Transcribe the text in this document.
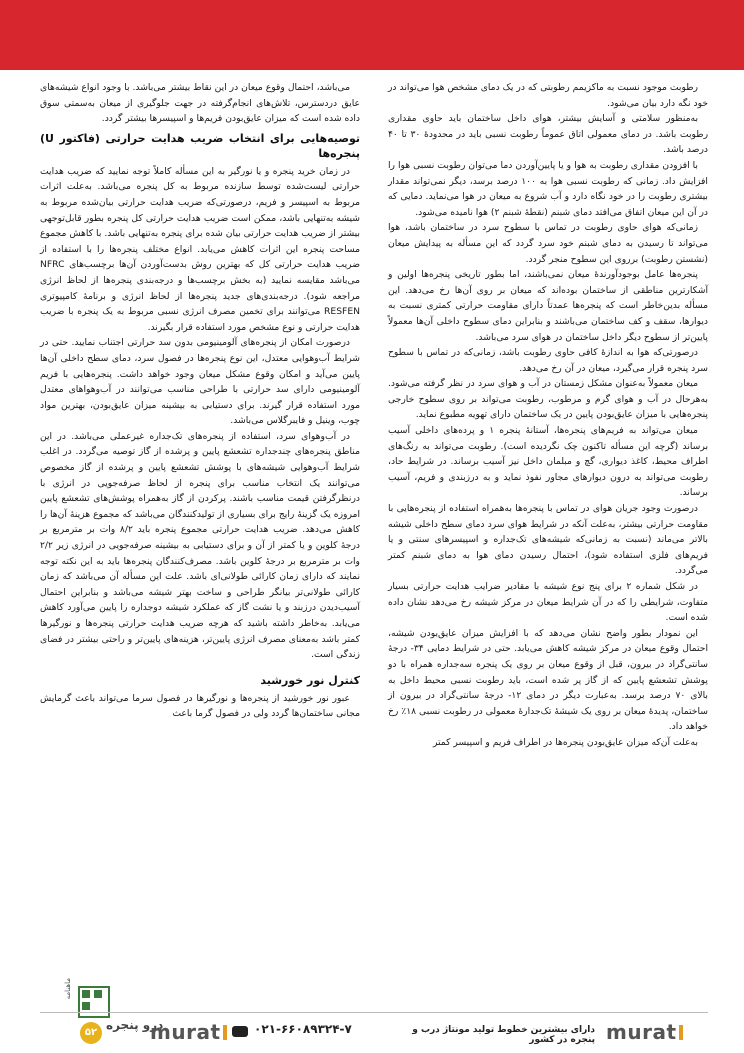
رطوبت موجود نسبت به ماکزیمم رطوبتی که در یک دمای مشخص هوا می‌تواند در خود نگه دارد بیان می‌شود.

به‌منظور سلامتی و آسایش بیشتر، هوای داخل ساختمان باید حاوی مقداری رطوبت باشد. در دمای معمولی اتاق عموماً رطوبت نسبی باید در محدودهٔ ۳۰ تا ۴۰ درصد باشد.

با افزودن مقداری رطوبت به هوا و یا پایین‌آوردن دما می‌توان رطوبت نسبی هوا را افزایش داد. زمانی که رطوبت نسبی هوا به ۱۰۰ درصد برسد، دیگر نمی‌تواند مقدار بیشتری رطوبت را در خود نگاه دارد و آب شروع به میعان در هوا می‌نماید. دمایی که در آن این میعان اتفاق می‌افتد دمای شبنم (نقطهٔ شبنم ۲) هوا نامیده می‌شود.

زمانی‌که هوای حاوی رطوبت در تماس با سطوح سرد در ساختمان باشد، هوا می‌تواند تا رسیدن به دمای شبنم خود سرد گردد که این مسأله به پیدایش میعان (نشستن رطوبت) برروی این سطوح منجر گردد.

پنجره‌ها عامل بوجودآورندهٔ میعان نمی‌باشند، اما بطور تاریخی پنجره‌ها اولین و آشکارترین مناطقی از ساختمان بوده‌اند که میعان بر روی آن‌ها رخ می‌دهد. این مسأله بدین‌خاطر است که پنجره‌ها عمدتاً دارای مقاومت حرارتی کمتری نسبت به دیوارها، سقف و کف ساختمان می‌باشند و بنابراین دمای سطوح داخلی آن‌ها معمولاً پایین‌تر از سطوح دیگر داخل ساختمان در هوای سرد می‌باشد.

درصورتی‌که هوا به اندازهٔ کافی حاوی رطوبت باشد، زمانی‌که در تماس با سطوح سرد پنجره قرار می‌گیرد، میعان در آن رخ می‌دهد.

میعان معمولاً به‌عنوان مشکل زمستان در آب و هوای سرد در نظر گرفته می‌شود. به‌هرحال در آب و هوای گرم و مرطوب، رطوبت می‌تواند بر روی سطوح خارجی پنجره‌هایی با میزان عایق‌بودن پایین در یک ساختمان دارای تهویه مطبوع نماید.

میعان می‌تواند به فریم‌های پنجره‌ها، آستانهٔ پنجره ۱ و پرده‌های داخلی آسیب برساند (گرچه این مسأله تاکنون چک نگردیده است). رطوبت می‌تواند به رنگ‌های اطراف محیط، کاغذ دیواری، گچ و مبلمان داخل نیز آسیب برساند. در شرایط حاد، رطوبت می‌تواند به درون دیوارهای مجاور نفوذ نماید و به درزبندی و فریم، آسیب برساند.

درصورت وجود جریان هوای در تماس با پنجره‌ها به‌همراه استفاده از پنجره‌هایی با مقاومت حرارتی بیشتر، به‌علت آنکه در شرایط هوای سرد دمای سطح داخلی شیشه بالاتر می‌ماند (نسبت به زمانی‌که شیشه‌های تک‌جداره و اسپیسرهای سنتی و یا فریم‌های فلزی استفاده شود)، احتمال رسیدن دمای هوا به دمای شبنم کمتر می‌گردد.

در شکل شماره ۲ برای پنج نوع شیشه با مقادیر ضرایب هدایت حرارتی بسیار متفاوت، شرایطی را که در آن شرایط میعان در مرکز شیشه رخ می‌دهد نشان داده شده است.

این نمودار بطور واضح نشان می‌دهد که با افزایش میزان عایق‌بودن شیشه، احتمال وقوع میعان در مرکز شیشه کاهش می‌یابد. حتی در شرایط دمایی ۳۴- درجهٔ سانتی‌گراد در بیرون، قبل از وقوع میعان بر روی یک پنجره سه‌جداره همراه با دو پوشش تشعشع پایین که از گاز پر شده است، باید رطوبت نسبی محیط داخل به بالای ۷۰ درصد برسد. به‌عبارت دیگر در دمای ۱۲- درجهٔ سانتی‌گراد در بیرون از ساختمان، پدیدهٔ میعان بر روی یک شیشهٔ تک‌جدارهٔ معمولی در رطوبت نسبی ۱۸٪ رخ خواهد داد.

به‌علت آن‌که میزان عایق‌بودن پنجره‌ها در اطراف فریم و اسپیسر کمتر

می‌باشد، احتمال وقوع میعان در این نقاط بیشتر می‌باشد. با وجود انواع شیشه‌های عایق دردسترس، تلاش‌های انجام‌گرفته در جهت جلوگیری از میعان به‌سمتی سوق داده شده است که میزان عایق‌بودن فریم‌ها و اسپیسرها بیشتر گردد.

توصیه‌هایی برای انتخاب ضریب هدایت حرارتی (فاکتور U) پنجره‌ها

در زمان خرید پنجره و یا نورگیر به این مسأله کاملاً توجه نمایید که ضریب هدایت حرارتی لیست‌شده توسط سازنده مربوط به کل پنجره می‌باشد. به‌علت اثرات مربوط به اسپیسر و فریم، درصورتی‌که ضریب هدایت حرارتی بیان‌شده مربوط به شیشه به‌تنهایی باشد، ممکن است ضریب هدایت حرارتی کل پنجره بطور قابل‌توجهی بیشتر از ضریب هدایت حرارتی بیان شده برای پنجره به‌تنهایی باشد. با کاهش مجموع مساحت پنجره این اثرات کاهش می‌یابد. انواع مختلف پنجره‌ها را با استفاده از ضریب هدایت حرارتی کل که بهترین روش بدست‌آوردن آن‌ها برچسب‌های NFRC می‌باشد مقایسه نمایید (به بخش برچسب‌ها و درجه‌بندی پنجره‌ها از لحاظ انرژی مراجعه شود). درجه‌بندی‌های جدید پنجره‌ها از لحاظ انرژی و برنامهٔ کامپیوتری RESFEN می‌توانند برای تخمین مصرف انرژی نسبی مربوط به یک پنجره با ضریب هدایت حرارتی و نوع مشخص مورد استفاده قرار بگیرند.

درصورت امکان از پنجره‌های آلومینیومی بدون سد حرارتی اجتناب نمایید. حتی در شرایط آب‌وهوایی معتدل، این نوع پنجره‌ها در فصول سرد، دمای سطح داخلی آن‌ها پایین می‌آید و امکان وقوع مشکل میعان وجود خواهد داشت. پنجره‌هایی با فریم آلومینیومی دارای سد حرارتی با طراحی مناسب می‌توانند در آب‌وهواهای معتدل مورد استفاده قرار گیرند. برای دستیابی به بیشینه میزان عایق‌بودن، بهترین مواد چوب، وینیل و فایبرگلاس می‌باشد.

در آب‌وهوای سرد، استفاده از پنجره‌های تک‌جداره غیرعملی می‌باشد. در این مناطق پنجره‌های چندجداره تشعشع پایین و پرشده از گاز توصیه می‌گردد. در اغلب شرایط آب‌وهوایی شیشه‌های با پوشش تشعشع پایین و پرشده از گاز مخصوص می‌توانند یک انتخاب مناسب برای پنجره از لحاظ صرفه‌جویی در انرژی با درنظرگرفتن قیمت مناسب باشند. پرکردن از گاز به‌همراه پوشش‌های تشعشع پایین امروزه یک گزینهٔ رایج برای بسیاری از تولیدکنندگان می‌باشد که مجموع هزینهٔ آن‌ها را کاهش می‌دهد. ضریب هدایت حرارتی مجموع پنجره باید ۸/۲ وات بر مترمربع بر درجهٔ کلوین و یا کمتر از آن و برای دستیابی به بیشینه صرفه‌جویی در انرژی زیر ۲/۲ وات بر مترمربع بر درجهٔ کلوین باشد. مصرف‌کنندگان پنجره‌ها باید به این نکته توجه نمایند که دارای زمان کارائی طولانی‌ای باشد. علت این مسأله آن می‌باشد که زمان کارائی طولانی‌تر بیانگر طراحی و ساخت بهتر شیشه می‌باشد و بنابراین احتمال آسیب‌دیدن درزبند و یا نشت گاز که عملکرد شیشه دوجداره را پایین می‌آورد کاهش می‌یابد. به‌خاطر داشته باشید که هرچه ضریب هدایت حرارتی پنجره‌ها و نورگیرها کمتر باشد به‌معنای مصرف انرژی پایین‌تر، هزینه‌های پایین‌تر و راحتی بیشتر در فضای زندگی است.

کنترل نور خورشید

عبور نور خورشید از پنجره‌ها و نورگیرها در فصول سرما می‌تواند باعث گرمایش مجانی ساختمان‌ها گردد ولی در فصول گرما باعث

ماهنامه
درو پنجره
۵۲	murat	۰۲۱-۶۶۰۸۹۳۲۴-۷	دارای بیشترین خطوط تولید مونتاژ درب و پنجره در کشور murat
